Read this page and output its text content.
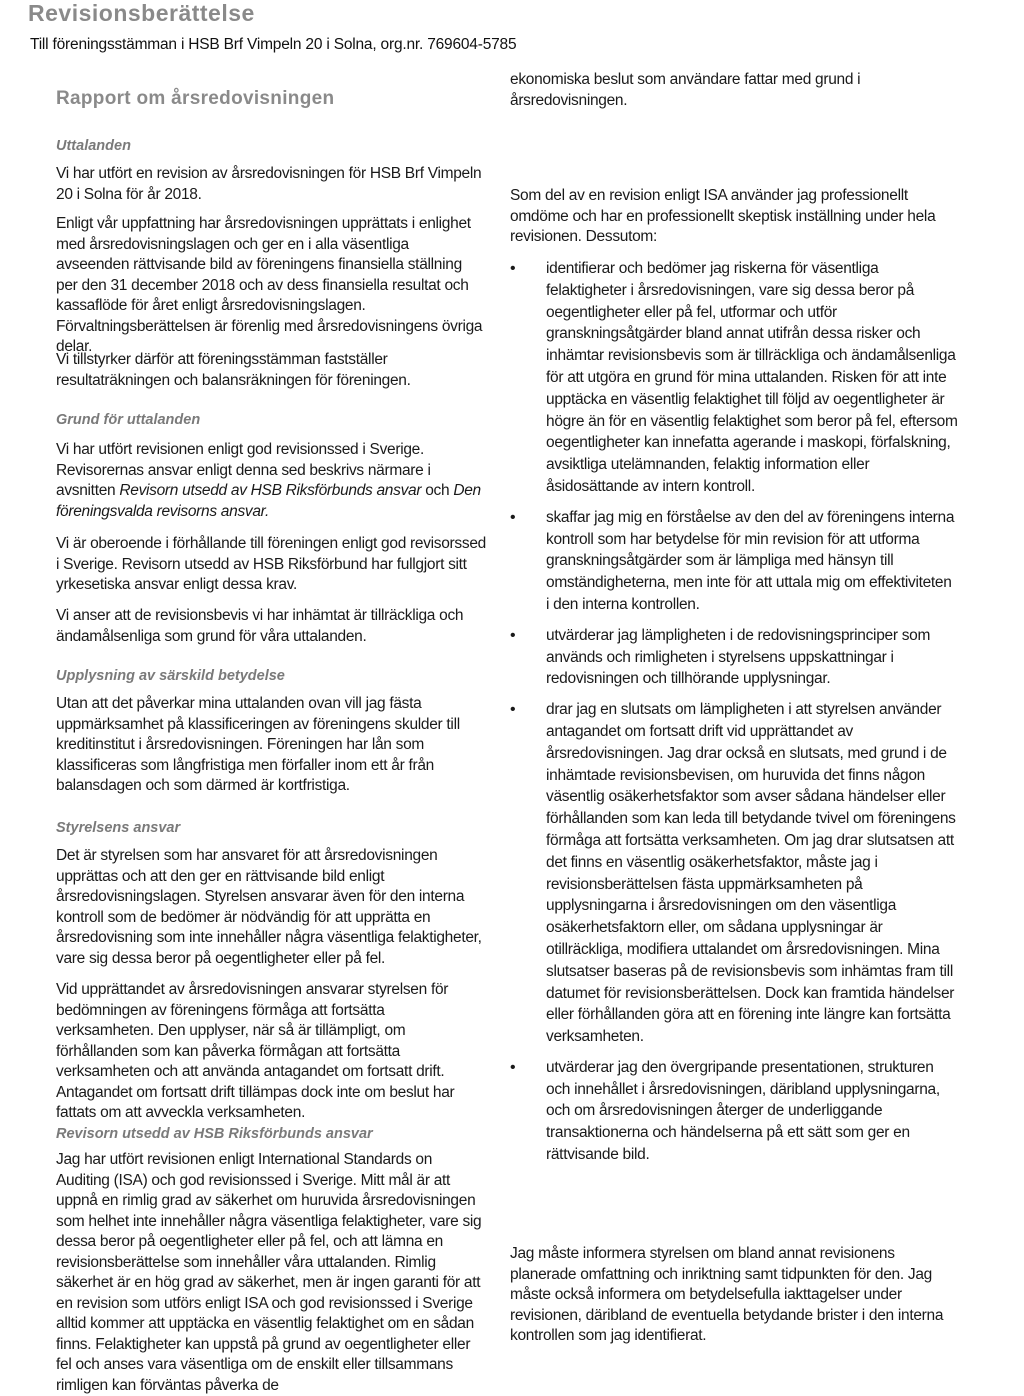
Revisionsberättelse

Till föreningsstämman i HSB Brf Vimpeln 20 i Solna, org.nr. 769604-5785

Rapport om årsredovisningen

Uttalanden

Vi har utfört en revision av årsredovisningen för HSB Brf Vimpeln 20 i Solna för år 2018.

Enligt vår uppfattning har årsredovisningen upprättats i enlighet med årsredovisningslagen och ger en i alla väsentliga avseenden rättvisande bild av föreningens finansiella ställning per den 31 december 2018 och av dess finansiella resultat och kassaflöde för året enligt årsredovisningslagen. Förvaltningsberättelsen är förenlig med årsredovisningens övriga delar.

Vi tillstyrker därför att föreningsstämman fastställer resultaträkningen och balansräkningen för föreningen.

Grund för uttalanden

Vi har utfört revisionen enligt god revisionssed i Sverige. Revisorernas ansvar enligt denna sed beskrivs närmare i avsnitten Revisorn utsedd av HSB Riksförbunds ansvar och Den föreningsvalda revisorns ansvar.

Vi är oberoende i förhållande till föreningen enligt god revisorssed i Sverige. Revisorn utsedd av HSB Riksförbund har fullgjort sitt yrkesetiska ansvar enligt dessa krav.

Vi anser att de revisionsbevis vi har inhämtat är tillräckliga och ändamålsenliga som grund för våra uttalanden.

Upplysning av särskild betydelse

Utan att det påverkar mina uttalanden ovan vill jag fästa uppmärksamhet på klassificeringen av föreningens skulder till kreditinstitut i årsredovisningen. Föreningen har lån som klassificeras som långfristiga men förfaller inom ett år från balansdagen och som därmed är kortfristiga.

Styrelsens ansvar

Det är styrelsen som har ansvaret för att årsredovisningen upprättas och att den ger en rättvisande bild enligt årsredovisningslagen. Styrelsen ansvarar även för den interna kontroll som de bedömer är nödvändig för att upprätta en årsredovisning som inte innehåller några väsentliga felaktigheter, vare sig dessa beror på oegentligheter eller på fel.

Vid upprättandet av årsredovisningen ansvarar styrelsen för bedömningen av föreningens förmåga att fortsätta verksamheten. Den upplyser, när så är tillämpligt, om förhållanden som kan påverka förmågan att fortsätta verksamheten och att använda antagandet om fortsatt drift. Antagandet om fortsatt drift tillämpas dock inte om beslut har fattats om att avveckla verksamheten.

Revisorn utsedd av HSB Riksförbunds ansvar

Jag har utfört revisionen enligt International Standards on Auditing (ISA) och god revisionssed i Sverige. Mitt mål är att uppnå en rimlig grad av säkerhet om huruvida årsredovisningen som helhet inte innehåller några väsentliga felaktigheter, vare sig dessa beror på oegentligheter eller på fel, och att lämna en revisionsberättelse som innehåller våra uttalanden. Rimlig säkerhet är en hög grad av säkerhet, men är ingen garanti för att en revision som utförs enligt ISA och god revisionssed i Sverige alltid kommer att upptäcka en väsentlig felaktighet om en sådan finns. Felaktigheter kan uppstå på grund av oegentligheter eller fel och anses vara väsentliga om de enskilt eller tillsammans rimligen kan förväntas påverka de

ekonomiska beslut som användare fattar med grund i årsredovisningen.

Som del av en revision enligt ISA använder jag professionellt omdöme och har en professionellt skeptisk inställning under hela revisionen. Dessutom:

• identifierar och bedömer jag riskerna för väsentliga felaktigheter i årsredovisningen, vare sig dessa beror på oegentligheter eller på fel, utformar och utför granskningsåtgärder bland annat utifrån dessa risker och inhämtar revisionsbevis som är tillräckliga och ändamålsenliga för att utgöra en grund för mina uttalanden. Risken för att inte upptäcka en väsentlig felaktighet till följd av oegentligheter är högre än för en väsentlig felaktighet som beror på fel, eftersom oegentligheter kan innefatta agerande i maskopi, förfalskning, avsiktliga utelämnanden, felaktig information eller åsidosättande av intern kontroll.
• skaffar jag mig en förståelse av den del av föreningens interna kontroll som har betydelse för min revision för att utforma granskningsåtgärder som är lämpliga med hänsyn till omständigheterna, men inte för att uttala mig om effektiviteten i den interna kontrollen.
• utvärderar jag lämpligheten i de redovisningsprinciper som används och rimligheten i styrelsens uppskattningar i redovisningen och tillhörande upplysningar.
• drar jag en slutsats om lämpligheten i att styrelsen använder antagandet om fortsatt drift vid upprättandet av årsredovisningen. Jag drar också en slutsats, med grund i de inhämtade revisionsbevisen, om huruvida det finns någon väsentlig osäkerhetsfaktor som avser sådana händelser eller förhållanden som kan leda till betydande tvivel om föreningens förmåga att fortsätta verksamheten. Om jag drar slutsatsen att det finns en väsentlig osäkerhetsfaktor, måste jag i revisionsberättelsen fästa uppmärksamheten på upplysningarna i årsredovisningen om den väsentliga osäkerhetsfaktorn eller, om sådana upplysningar är otillräckliga, modifiera uttalandet om årsredovisningen. Mina slutsatser baseras på de revisionsbevis som inhämtas fram till datumet för revisionsberättelsen. Dock kan framtida händelser eller förhållanden göra att en förening inte längre kan fortsätta verksamheten.
• utvärderar jag den övergripande presentationen, strukturen och innehållet i årsredovisningen, däribland upplysningarna, och om årsredovisningen återger de underliggande transaktionerna och händelserna på ett sätt som ger en rättvisande bild.

Jag måste informera styrelsen om bland annat revisionens planerade omfattning och inriktning samt tidpunkten för den. Jag måste också informera om betydelsefulla iakttagelser under revisionen, däribland de eventuella betydande brister i den interna kontrollen som jag identifierat.
